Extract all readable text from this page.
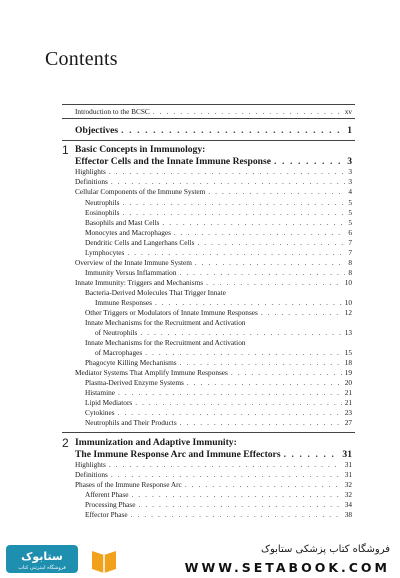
Contents
Introduction to the BCSC . . .	xv
Objectives . . .	1
1 Basic Concepts in Immunology:
Effector Cells and the Innate Immune Response . . .	3
Highlights . . .	3
Definitions . . .	3
Cellular Components of the Immune System . . .	4
Neutrophils . . .	5
Eosinophils . . .	5
Basophils and Mast Cells . . .	5
Monocytes and Macrophages . . .	6
Dendritic Cells and Langerhans Cells . . .	7
Lymphocytes . . .	7
Overview of the Innate Immune System . . .	8
Immunity Versus Inflammation . . .	8
Innate Immunity: Triggers and Mechanisms . . .	10
Bacteria-Derived Molecules That Trigger Innate
Immune Responses . . .	10
Other Triggers or Modulators of Innate Immune Responses . . .	12
Innate Mechanisms for the Recruitment and Activation
of Neutrophils . . .	13
Innate Mechanisms for the Recruitment and Activation
of Macrophages . . .	15
Phagocyte Killing Mechanisms . . .	18
Mediator Systems That Amplify Immune Responses . . .	19
Plasma-Derived Enzyme Systems . . .	20
Histamine . . .	21
Lipid Mediators . . .	21
Cytokines . . .	23
Neutrophils and Their Products . . .	27
2 Immunization and Adaptive Immunity:
The Immune Response Arc and Immune Effectors . . .	31
Highlights . . .	31
Definitions . . .	31
Phases of the Immune Response Arc . . .	32
Afferent Phase . . .	32
Processing Phase . . .	34
Effector Phase . . .	38
ستابوک
فروشگاه اینترنتی کتاب
فروشگاه کتاب پزشکی ستابوک
WWW.SETABOOK.COM
